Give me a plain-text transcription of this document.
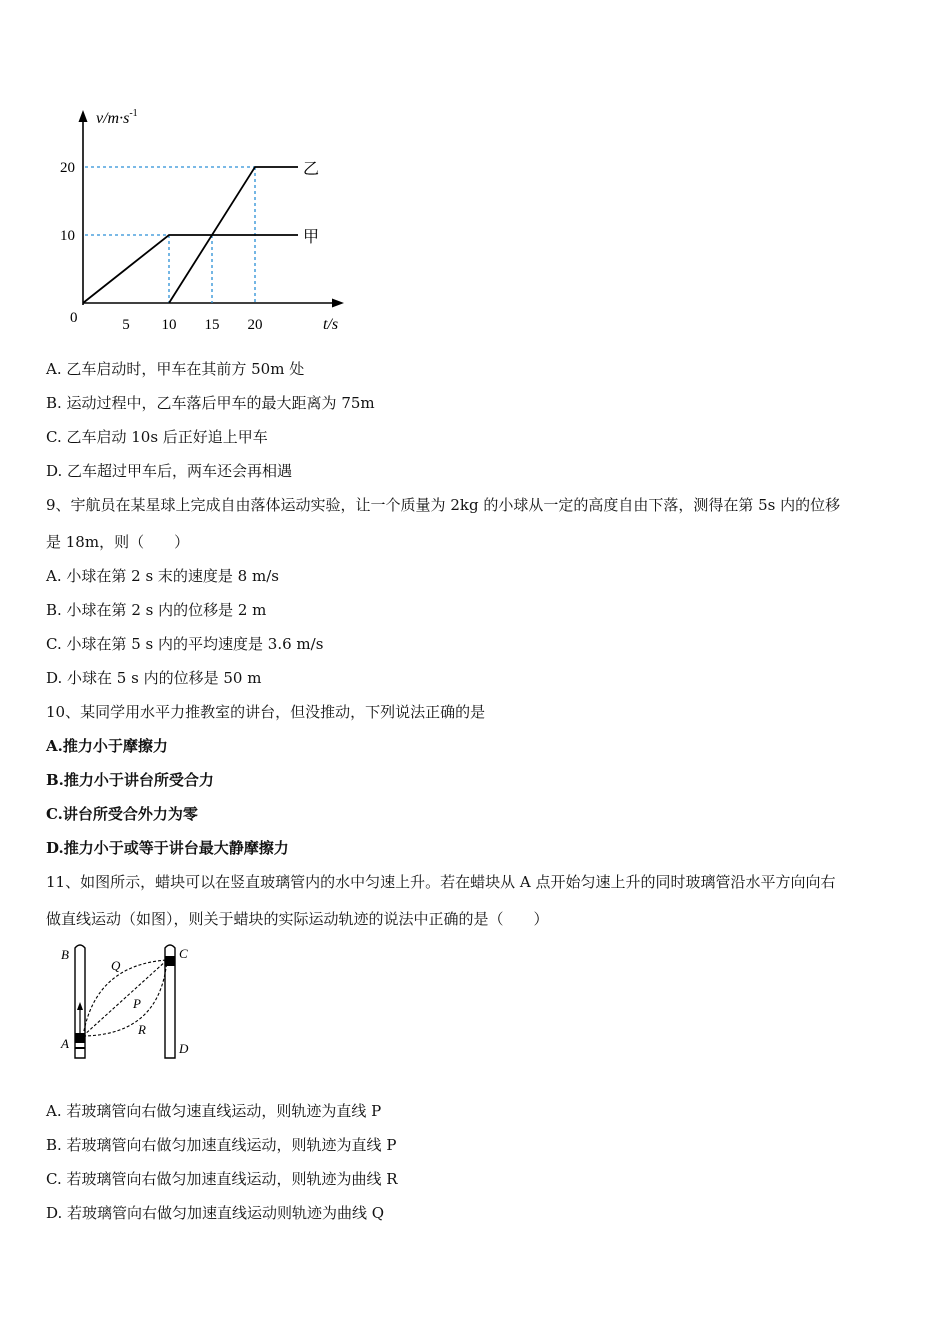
$v/m\cdot s^{-1}$
t/s
0	5 10 15 20
10
20
甲
乙
A. 乙车启动时，甲车在其前方 50m 处
B. 运动过程中，乙车落后甲车的最大距离为 75m
C. 乙车启动 10s 后正好追上甲车
D. 乙车超过甲车后，两车还会再相遇
9、宇航员在某星球上完成自由落体运动实验，让一个质量为 2kg 的小球从一定的高度自由下落，测得在第 5s 内的位移
是 18m，则（　　）
A. 小球在第 2 s 末的速度是 8 m/s
B. 小球在第 2 s 内的位移是 2 m
C. 小球在第 5 s 内的平均速度是 3.6 m/s
D. 小球在 5 s 内的位移是 50 m
10、某同学用水平力推教室的讲台，但没推动，下列说法正确的是
A.推力小于摩擦力
B.推力小于讲台所受合力
C.讲台所受合外力为零
D.推力小于或等于讲台最大静摩擦力
11、如图所示，蜡块可以在竖直玻璃管内的水中匀速上升。若在蜡块从 A 点开始匀速上升的同时玻璃管沿水平方向向右
做直线运动（如图），则关于蜡块的实际运动轨迹的说法中正确的是（　　）
B	C
Q
P
R
A	D
A. 若玻璃管向右做匀速直线运动，则轨迹为直线 P
B. 若玻璃管向右做匀加速直线运动，则轨迹为直线 P
C. 若玻璃管向右做匀加速直线运动，则轨迹为曲线 R
D. 若玻璃管向右做匀加速直线运动则轨迹为曲线 Q
